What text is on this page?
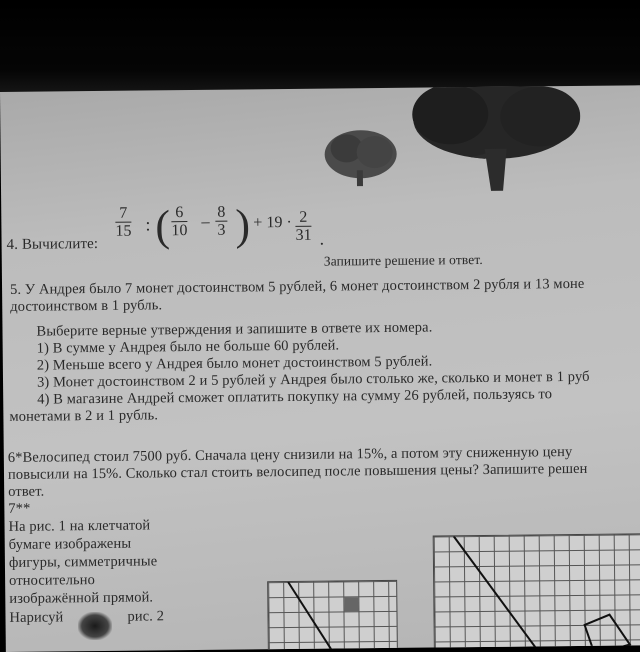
4. Вычислите:
$\frac{7}{15}$ : ( $\frac{6}{10} - \frac{8}{3}$ ) + $19 \cdot \frac{2}{31}$ .
Запишите решение и ответ.
5. У Андрея было 7 монет достоинством 5 рублей, 6 монет достоинством 2 рубля и 13 моне
достоинством в 1 рубль.
Выберите верные утверждения и запишите в ответе их номера.
1) В сумме у Андрея было не больше 60 рублей.
2) Меньше всего у Андрея было монет достоинством 5 рублей.
3) Монет достоинством 2 и 5 рублей у Андрея было столько же, сколько и монет в 1 руб
4) В магазине Андрей сможет оплатить покупку на сумму 26 рублей, пользуясь то
монетами в 2 и 1 рубль.
6*Велосипед стоил 7500 руб. Сначала цену снизили на 15%, а потом эту сниженную цену
повысили на 15%. Сколько стал стоить велосипед после повышения цены? Запишите решен
ответ.
7**
На рис. 1 на клетчатой
бумаге изображены
фигуры, симметричные
относительно
изображённой прямой.
Нарисуй	рис. 2
